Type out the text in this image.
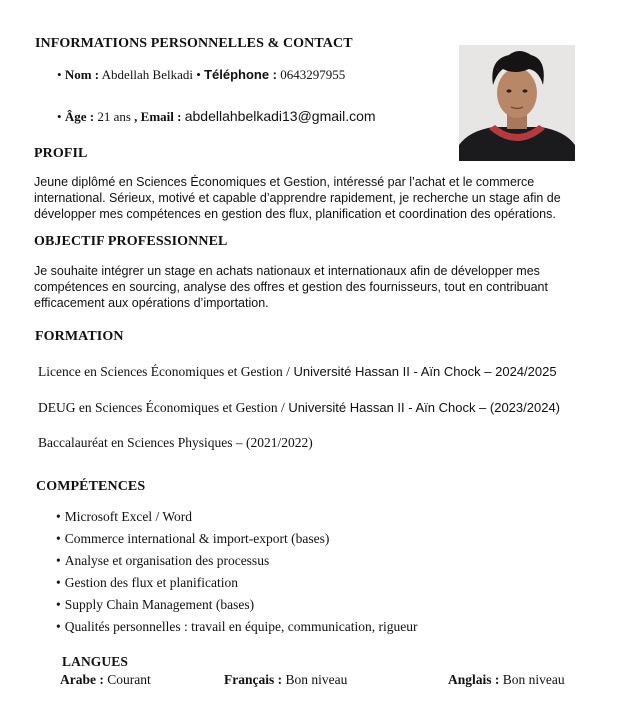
INFORMATIONS PERSONNELLES & CONTACT
• Nom : Abdellah Belkadi • Téléphone : 0643297955
• Âge : 21 ans , Email : abdellahbelkadi13@gmail.com
PROFIL
Jeune diplômé en Sciences Économiques et Gestion, intéressé par l’achat et le commerce
international. Sérieux, motivé et capable d’apprendre rapidement, je recherche un stage afin de
développer mes compétences en gestion des flux, planification et coordination des opérations.
OBJECTIF PROFESSIONNEL
Je souhaite intégrer un stage en achats nationaux et internationaux afin de développer mes
compétences en sourcing, analyse des offres et gestion des fournisseurs, tout en contribuant
efficacement aux opérations d’importation.
FORMATION
Licence en Sciences Économiques et Gestion / Université Hassan II - Aïn Chock – 2024/2025
DEUG en Sciences Économiques et Gestion / Université Hassan II - Aïn Chock – (2023/2024)
Baccalauréat en Sciences Physiques – (2021/2022)
COMPÉTENCES
• Microsoft Excel / Word
• Commerce international & import-export (bases)
• Analyse et organisation des processus
• Gestion des flux et planification
• Supply Chain Management (bases)
• Qualités personnelles : travail en équipe, communication, rigueur
LANGUES
Arabe : Courant	Français : Bon niveau	Anglais : Bon niveau
